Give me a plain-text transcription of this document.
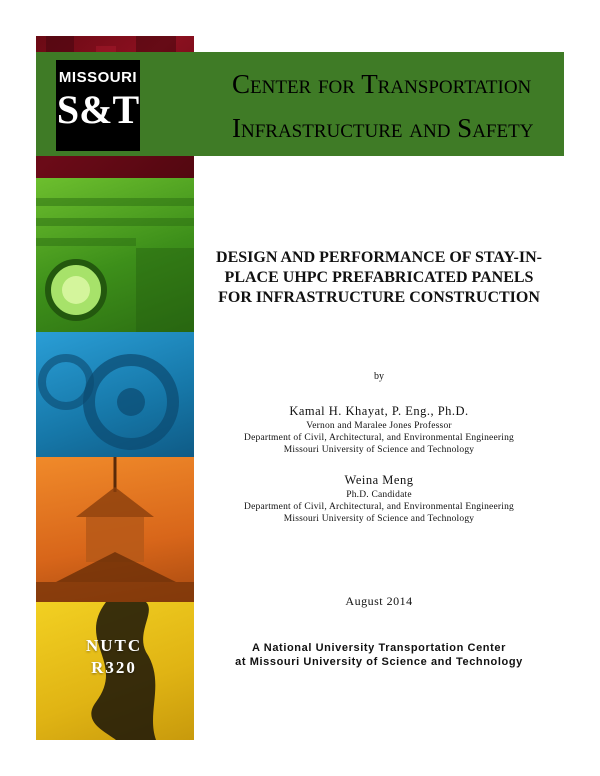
MISSOURI
S&T
Center for Transportation
Infrastructure and Safety
DESIGN AND PERFORMANCE OF STAY-IN-PLACE UHPC PREFABRICATED PANELS FOR INFRASTRUCTURE CONSTRUCTION
by
Kamal H. Khayat, P. Eng., Ph.D.
Vernon and Maralee Jones Professor
Department of Civil, Architectural, and Environmental Engineering
Missouri University of Science and Technology
Weina Meng
Ph.D. Candidate
Department of Civil, Architectural, and Environmental Engineering
Missouri University of Science and Technology
August 2014
A National University Transportation Center
at Missouri University of Science and Technology
NUTC
R320
